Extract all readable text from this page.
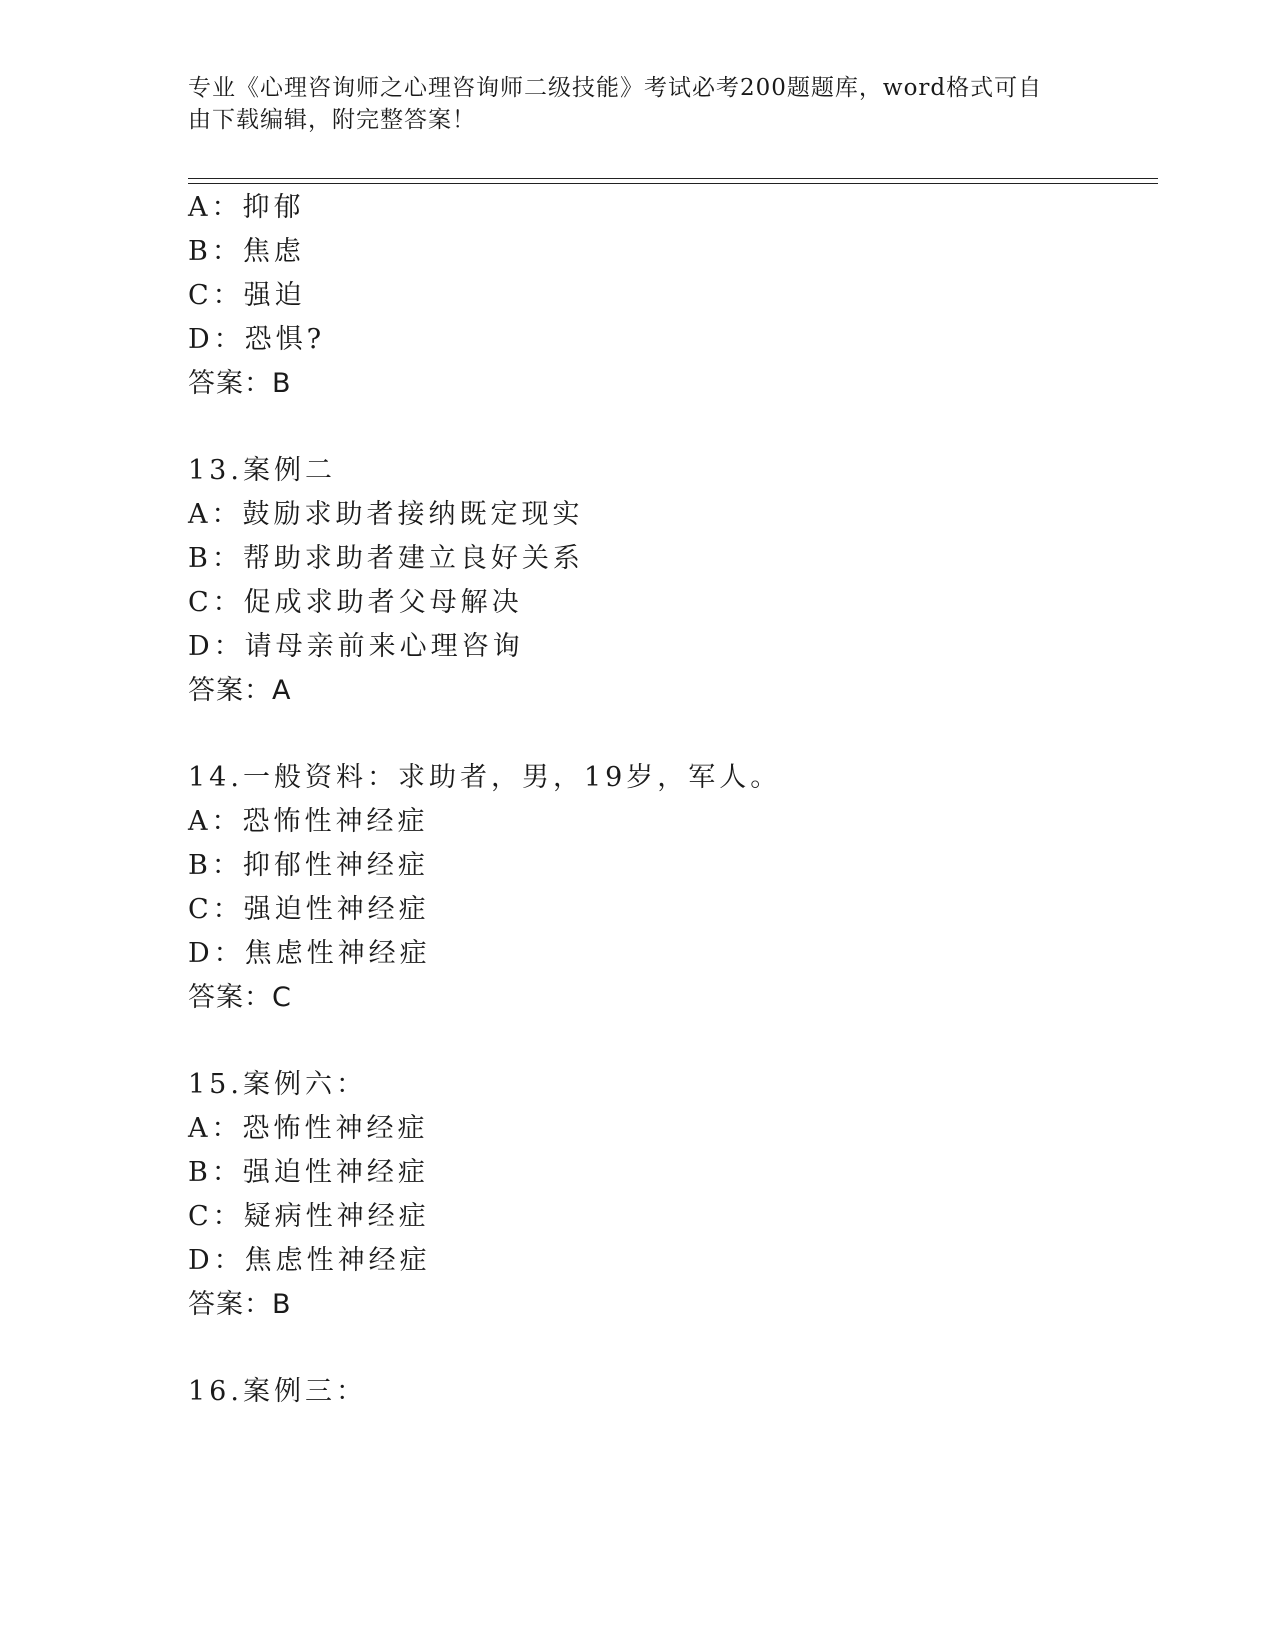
专业《心理咨询师之心理咨询师二级技能》考试必考200题题库，word格式可自

由下载编辑，附完整答案！

A：抑郁
B：焦虑
C：强迫
D：恐惧?
答案：B
13.案例二
A：鼓励求助者接纳既定现实
B：帮助求助者建立良好关系
C：促成求助者父母解决
D：请母亲前来心理咨询
答案：A
14.一般资料：求助者，男，19岁，军人。
A：恐怖性神经症
B：抑郁性神经症
C：强迫性神经症
D：焦虑性神经症
答案：C
15.案例六：
A：恐怖性神经症
B：强迫性神经症
C：疑病性神经症
D：焦虑性神经症
答案：B
16.案例三：
